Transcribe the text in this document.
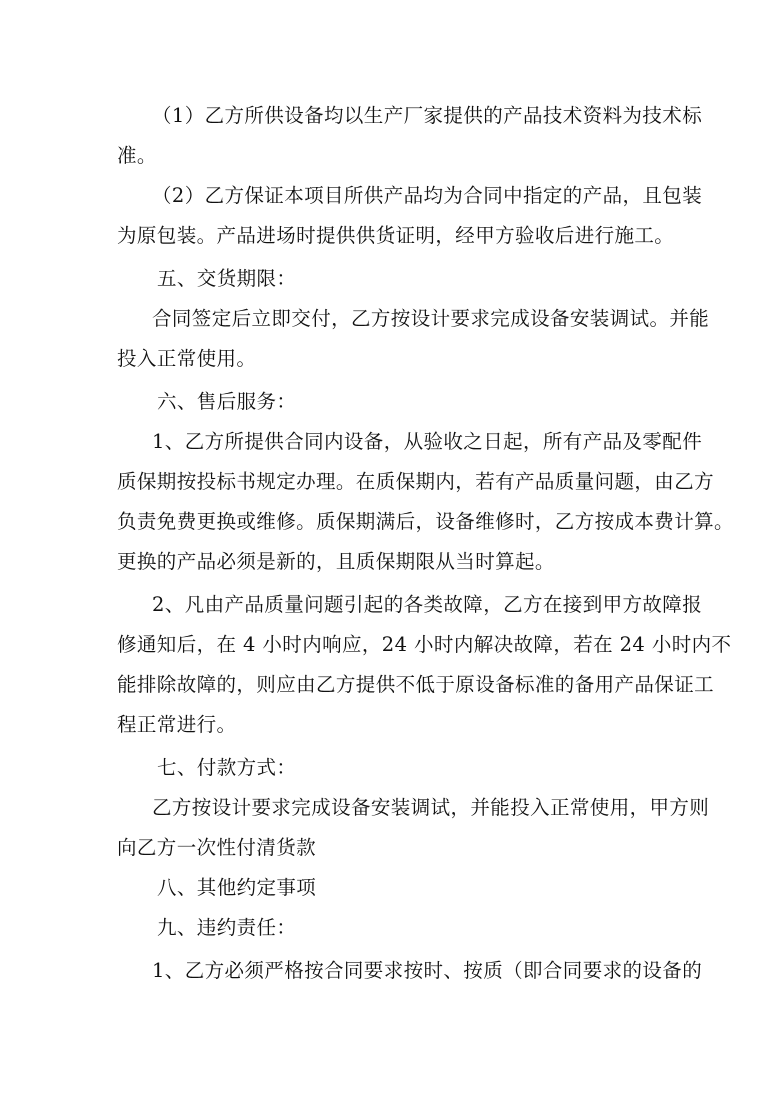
（1）乙方所供设备均以生产厂家提供的产品技术资料为技术标
准。
（2）乙方保证本项目所供产品均为合同中指定的产品，且包装
为原包装。产品进场时提供供货证明，经甲方验收后进行施工。
五、交货期限：
合同签定后立即交付，乙方按设计要求完成设备安装调试。并能
投入正常使用。
六、售后服务：
1、乙方所提供合同内设备，从验收之日起，所有产品及零配件
质保期按投标书规定办理。在质保期内，若有产品质量问题，由乙方
负责免费更换或维修。质保期满后，设备维修时，乙方按成本费计算。
更换的产品必须是新的，且质保期限从当时算起。
2、凡由产品质量问题引起的各类故障，乙方在接到甲方故障报
修通知后，在 4 小时内响应，24 小时内解决故障，若在 24 小时内不
能排除故障的，则应由乙方提供不低于原设备标准的备用产品保证工
程正常进行。
七、付款方式：
乙方按设计要求完成设备安装调试，并能投入正常使用，甲方则
向乙方一次性付清货款
八、其他约定事项
九、违约责任：
1、乙方必须严格按合同要求按时、按质（即合同要求的设备的
